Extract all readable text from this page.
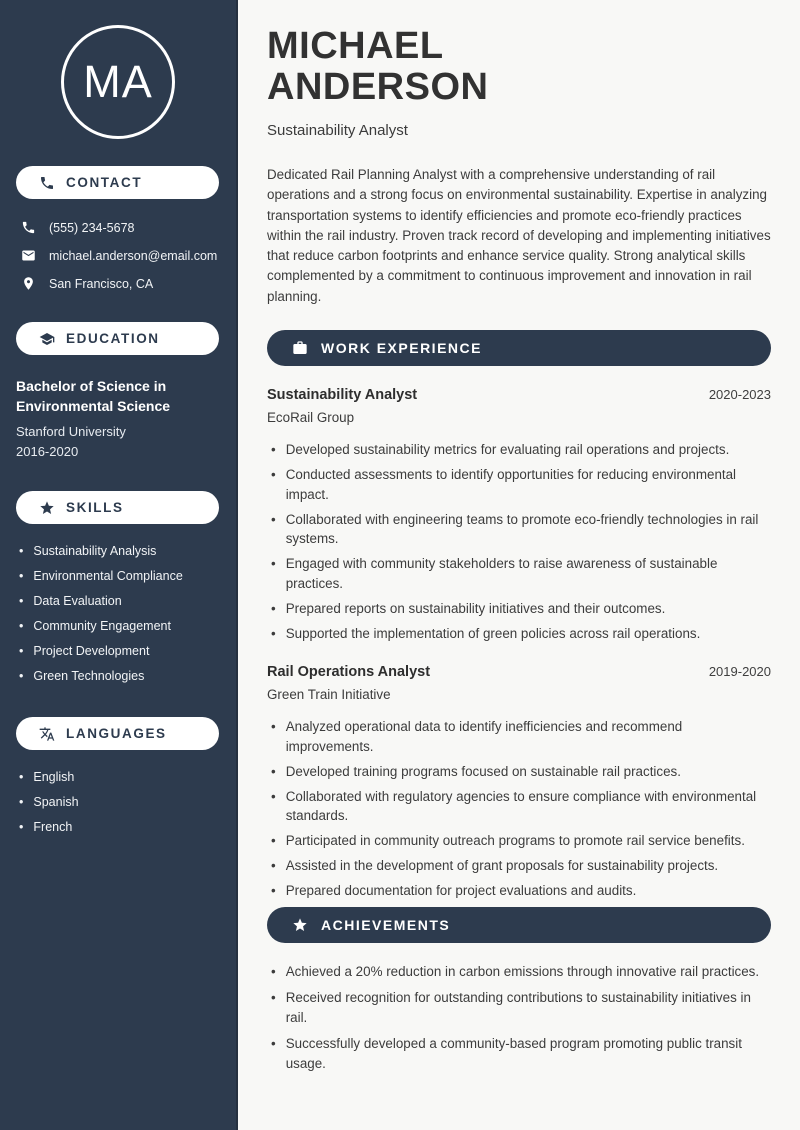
MA
CONTACT
(555) 234-5678
michael.anderson@email.com
San Francisco, CA
EDUCATION
Bachelor of Science in Environmental Science
Stanford University
2016-2020
SKILLS
• Sustainability Analysis
• Environmental Compliance
• Data Evaluation
• Community Engagement
• Project Development
• Green Technologies
LANGUAGES
• English
• Spanish
• French
MICHAEL
ANDERSON
Sustainability Analyst

Dedicated Rail Planning Analyst with a comprehensive understanding of rail operations and a strong focus on environmental sustainability. Expertise in analyzing transportation systems to identify efficiencies and promote eco-friendly practices within the rail industry. Proven track record of developing and implementing initiatives that reduce carbon footprints and enhance service quality. Strong analytical skills complemented by a commitment to continuous improvement and innovation in rail planning.

WORK EXPERIENCE
Sustainability Analyst	2020-2023
EcoRail Group
• Developed sustainability metrics for evaluating rail operations and projects.
• Conducted assessments to identify opportunities for reducing environmental impact.
• Collaborated with engineering teams to promote eco-friendly technologies in rail systems.
• Engaged with community stakeholders to raise awareness of sustainable practices.
• Prepared reports on sustainability initiatives and their outcomes.
• Supported the implementation of green policies across rail operations.
Rail Operations Analyst	2019-2020
Green Train Initiative
• Analyzed operational data to identify inefficiencies and recommend improvements.
• Developed training programs focused on sustainable rail practices.
• Collaborated with regulatory agencies to ensure compliance with environmental standards.
• Participated in community outreach programs to promote rail service benefits.
• Assisted in the development of grant proposals for sustainability projects.
• Prepared documentation for project evaluations and audits.
ACHIEVEMENTS
• Achieved a 20% reduction in carbon emissions through innovative rail practices.
• Received recognition for outstanding contributions to sustainability initiatives in rail.
• Successfully developed a community-based program promoting public transit usage.
